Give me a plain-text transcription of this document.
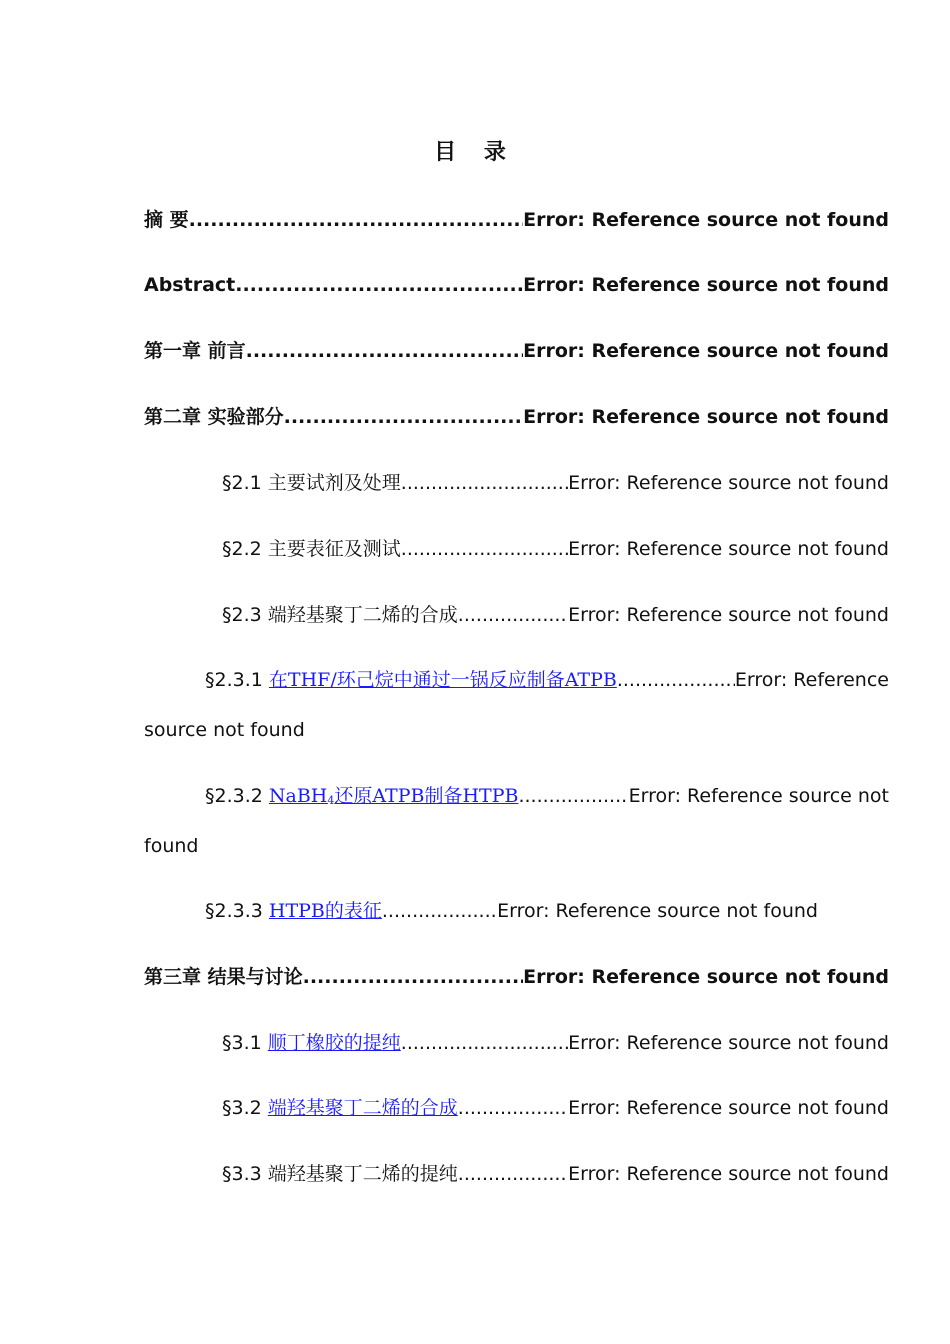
目 录
摘 要 .....	Error: Reference source not found
Abstract .....	Error: Reference source not found
第一章 前言 .....	Error: Reference source not found
第二章 实验部分 .....	Error: Reference source not found
§2.1 主要试剂及处理 .....	Error: Reference source not found
§2.2 主要表征及测试 .....	Error: Reference source not found
§2.3 端羟基聚丁二烯的合成 .....	Error: Reference source not found
§2.3.1 在THF/环己烷中通过一锅反应制备ATPB .....	Error: Reference
source not found
§2.3.2 NaBH$_4$还原ATPB制备HTPB .....	Error: Reference source not
found
§2.3.3 HTPB的表征 .....	Error: Reference source not found
第三章 结果与讨论 .....	Error: Reference source not found
§3.1 顺丁橡胶的提纯 .....	Error: Reference source not found
§3.2 端羟基聚丁二烯的合成 .....	Error: Reference source not found
§3.3 端羟基聚丁二烯的提纯 .....	Error: Reference source not found
